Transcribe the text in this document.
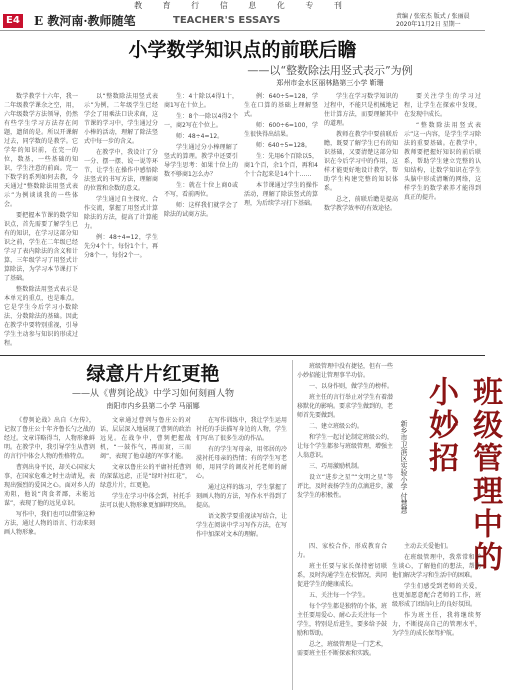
教 育 行 信 息 化 专 刊
E4 E 教河南·教师随笔	TEACHER'S ESSAYS	责编 / 张宏杰 版式 / 张丽晨
2020年11月2日 星期一
小学数学知识点的前联后瞻
——以“整数除法用竖式表示”为例
郑州市金水区丽林路第三小学 靳珊

数学教学十六年，我一二年级教学课余之空，用，六年级数学方法领导，仍然有些学生学习方法存在问题，遗留的是。所以开课解过去，同学数的是教学。它学年的知识前，在完一的位，数基，一些基础的知识，学生注意的前面。完一下数学的系列如何去教，今天通过“整数除法用竖式表示”为例谈谈我的一些体会。

要把握本节课的数学知识点，首先需要了解学生已有的知识，在学习这部分知识之前，学生在二年级已经学习了表内除法的含义和计算，三年级学习了用竖式计算除法，为学习本节课打下了基础。

整数除法用竖式表示是本单元的重点，也是难点。它是学生今后学习小数除法、分数除法的基础。因此在教学中要特别重视，引导学生主动参与知识的形成过程。

以“整数除法用竖式表示”为例，二年级学生已经学会了用乘法口诀求商，这节课的学习中，学生通过分小棒的活动，理解了除法竖式中每一步的含义。

在教学中，我设计了分一分、摆一摆、说一说等环节，让学生在操作中感悟除法竖式的书写方法，理解商的位置和余数的意义。

学生通过自主探究、合作交流，掌握了用竖式计算除法的方法，提高了计算能力。

例：48÷4=12，学生先分4个十，每份1个十，再分8个一，每份2个一。

生：4十除以4得1十，商1写在十位上。

生：8个一除以4得2个一，商2写在个位上。

师：48÷4=12。

学生通过分小棒理解了竖式的算理。教学中还要引导学生思考：如果十位上的数不够商1怎么办？

生：就在十位上商0或不写，看前两位。

师：这样我们就学会了除法的试商方法。

例：640÷5=128，学生在口算的基础上理解竖式。

师：600÷6=100，学生很快得出结果。

师：640÷5=128。

生：先用6个百除以5，商1个百，余1个百，再和4个十合起来是14个十……

本节课通过学生的操作活动，理解了除法竖式的算理，为后续学习打下基础。

学生在学习数学知识的过程中，不能只是机械地记住计算方法，而要理解其中的道理。

教师在教学中要前联后瞻，既要了解学生已有的知识基础，又要清楚这部分知识在今后学习中的作用，这样才能更好地设计教学，帮助学生构建完整的知识体系。

总之，前联后瞻是提高数学教学效率的有效途径。

要关注学生的学习过程，让学生在探索中发现，在发现中成长。

“整数除法用竖式表示”这一内容，是学生学习除法的重要基础。在教学中，教师要把握好知识的前后联系，帮助学生建立完整的认知结构，让数学知识在学生头脑中形成清晰的网络，这样学生的数学素养才能得到真正的提升。

绿意片片红更艳
——从《曹刿论战》中学习如何刻画人物
南阳市内乡县第二小学 马丽娜

《曹刿论战》出自《左传》，记叙了鲁庄公十年齐鲁长勺之战的经过。文章详略得当，人物形象鲜明。在教学中，我引导学生从曹刿的言行中体会人物的性格特点。

曹刿出身平民，却关心国家大事，在国家危难之时主动请见，表现出强烈的爱国之心。面对乡人的劝阻，他说“肉食者鄙，未能远谋”，表现了他的远见卓识。

写作中，我们也可以借鉴这种方法，通过人物的语言、行动来刻画人物形象。

文章通过曹刿与鲁庄公的对话，层层深入地展现了曹刿的政治远见。在战争中，曹刿把握战机，“一鼓作气，再而衰，三而竭”，表现了他卓越的军事才能。

文章以鲁庄公的平庸衬托曹刿的深谋远虑，正是“绿叶衬红花”，绿意片片，红更艳。

学生在学习中体会到，衬托手法可以使人物形象更加鲜明突出。

在写作训练中，我让学生运用衬托的手法描写身边的人物，学生们写出了很多生动的作品。

有的学生写母亲，用邻居的冷漠衬托母亲的热情；有的学生写老师，用同学的调皮衬托老师的耐心。

通过这样的练习，学生掌握了刻画人物的方法，写作水平得到了提高。

语文教学要重视读写结合，让学生在阅读中学习写作方法，在写作中加深对文本的理解。

班级管理中没有捷径，但有一些小妙招能让管理事半功倍。

一、以身作则，做学生的榜样。

班主任的言行举止对学生有着潜移默化的影响。要求学生做到的，老师首先要做到。

二、建立班级公约。

和学生一起讨论制定班级公约，让每个学生都参与班级管理，增强主人翁意识。

三、巧用激励机制。

设立“进步之星”“文明之星”等评比，及时表扬学生的点滴进步，激发学生的积极性。	班级管理中的小妙招
新乡市卫滨区实验小学 付慧慧

四、家校合作，形成教育合力。

班主任要与家长保持密切联系，及时沟通学生在校情况，共同促进学生的健康成长。

五、关注每一个学生。

每个学生都是独特的个体，班主任要用爱心、耐心去关注每一个学生，特别是后进生，要多给予鼓励和帮助。

总之，班级管理是一门艺术，需要班主任不断探索和实践。

主动去关爱他们。

在班级管理中，我常常和学生谈心，了解他们的想法，帮助他们解决学习和生活中的困难。

学生们感受到老师的关爱，也更加愿意配合老师的工作，班级形成了团结向上的良好氛围。

作为班主任，我将继续努力，不断提高自己的管理水平，为学生的成长保驾护航。
